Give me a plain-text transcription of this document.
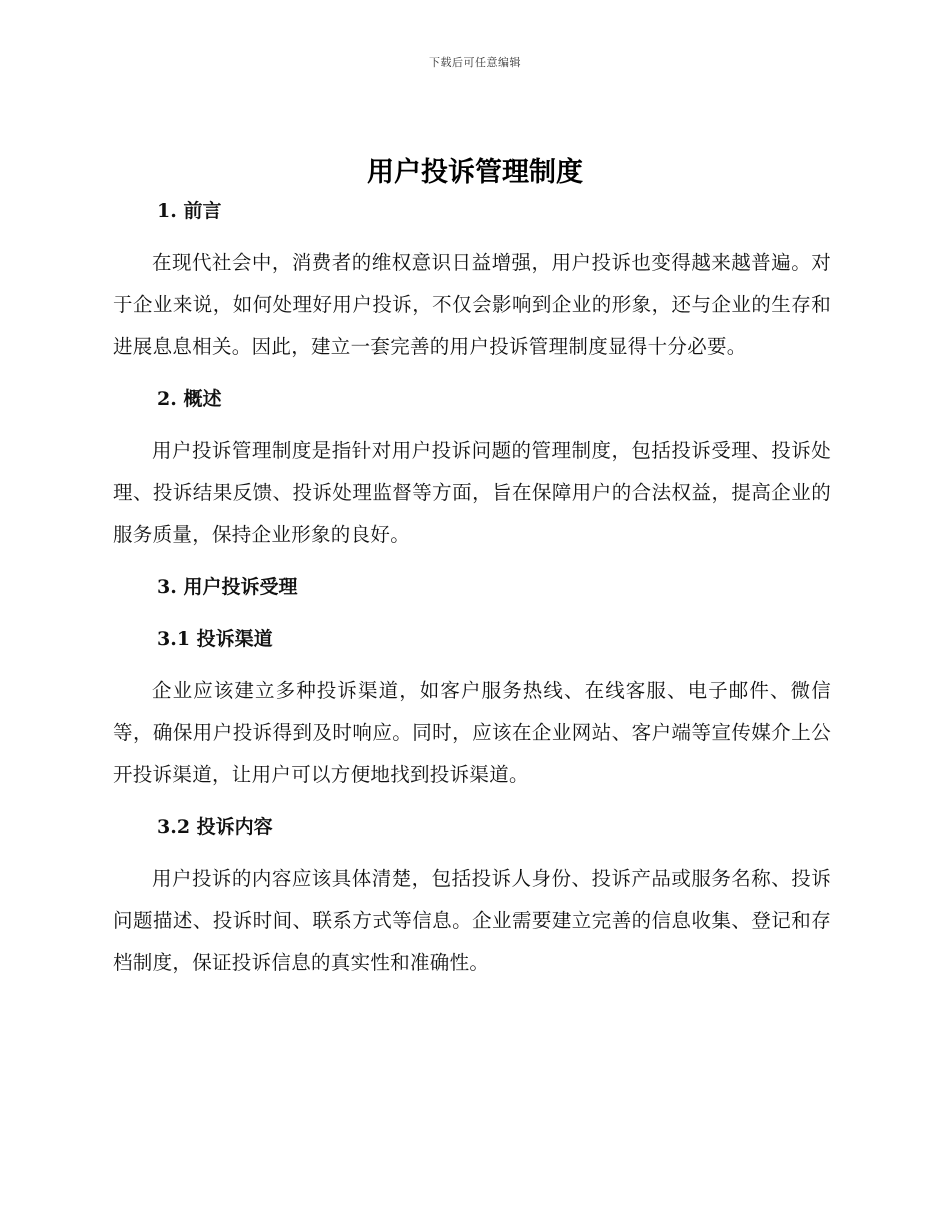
下载后可任意编辑
用户投诉管理制度
1. 前言

在现代社会中，消费者的维权意识日益增强，用户投诉也变得越来越普遍。对于企业来说，如何处理好用户投诉，不仅会影响到企业的形象，还与企业的生存和进展息息相关。因此，建立一套完善的用户投诉管理制度显得十分必要。

2. 概述

用户投诉管理制度是指针对用户投诉问题的管理制度，包括投诉受理、投诉处理、投诉结果反馈、投诉处理监督等方面，旨在保障用户的合法权益，提高企业的服务质量，保持企业形象的良好。

3. 用户投诉受理
3.1 投诉渠道

企业应该建立多种投诉渠道，如客户服务热线、在线客服、电子邮件、微信等，确保用户投诉得到及时响应。同时，应该在企业网站、客户端等宣传媒介上公开投诉渠道，让用户可以方便地找到投诉渠道。

3.2 投诉内容

用户投诉的内容应该具体清楚，包括投诉人身份、投诉产品或服务名称、投诉问题描述、投诉时间、联系方式等信息。企业需要建立完善的信息收集、登记和存档制度，保证投诉信息的真实性和准确性。
